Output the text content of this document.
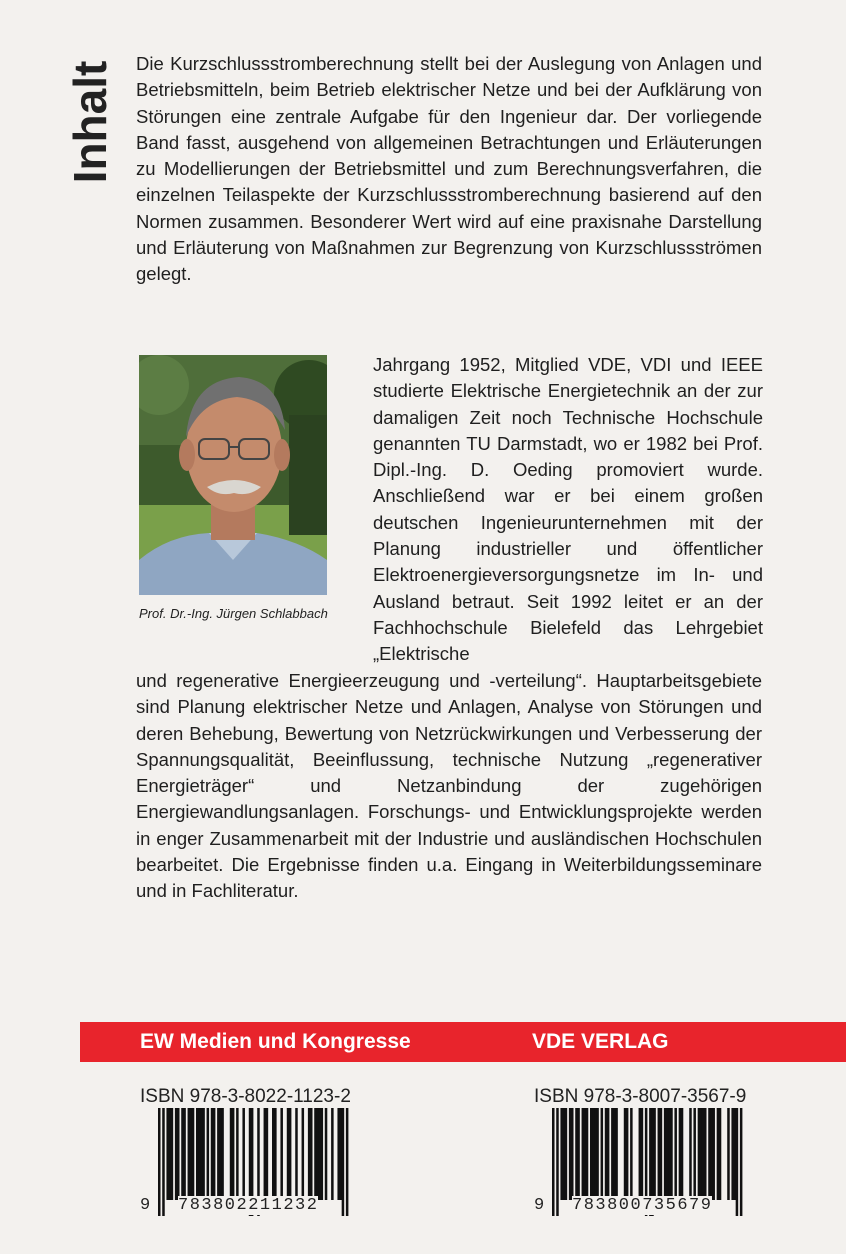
Inhalt Die Kurzschlussstromberechnung stellt bei der Auslegung von Anlagen und Betriebsmitteln, beim Betrieb elektrischer Netze und bei der Aufklärung von Störungen eine zentrale Aufgabe für den Ingenieur dar. Der vorliegende Band fasst, ausgehend von allgemeinen Betrachtungen und Erläuterungen zu Modellierungen der Betriebsmittel und zum Berechnungsverfahren, die einzelnen Teilaspekte der Kurzschlussstromberechnung basierend auf den Normen zusammen. Besonderer Wert wird auf eine praxisnahe Darstellung und Erläuterung von Maßnahmen zur Begrenzung von Kurzschlussströmen gelegt.

Prof. Dr.-Ing. Jürgen Schlabbach

Jahrgang 1952, Mitglied VDE, VDI und IEEE studierte Elektrische Energietechnik an der zur damaligen Zeit noch Technische Hochschule genannten TU Darmstadt, wo er 1982 bei Prof. Dipl.-Ing. D. Oeding promoviert wurde. Anschließend war er bei einem großen deutschen Ingenieurunternehmen mit der Planung industrieller und öffentlicher Elektroenergieversorgungsnetze im In- und Ausland betraut. Seit 1992 leitet er an der Fachhochschule Bielefeld das Lehrgebiet „Elektrische

und regenerative Energieerzeugung und -verteilung“. Hauptarbeitsgebiete sind Planung elektrischer Netze und Anlagen, Analyse von Störungen und deren Behebung, Bewertung von Netzrückwirkungen und Verbesserung der Spannungsqualität, Beeinflussung, technische Nutzung „regenerativer Energieträger“ und Netzanbindung der zugehörigen Energiewandlungsanlagen. Forschungs- und Entwicklungsprojekte werden in enger Zusammenarbeit mit der Industrie und ausländischen Hochschulen bearbeitet. Die Ergebnisse finden u.a. Eingang in Weiterbildungsseminare und in Fachliteratur.

EW Medien und Kongresse	VDE VERLAG
ISBN 978-3-8022-1123-2	ISBN 978-3-8007-3567-9
9 783802211232	9 783800735679
